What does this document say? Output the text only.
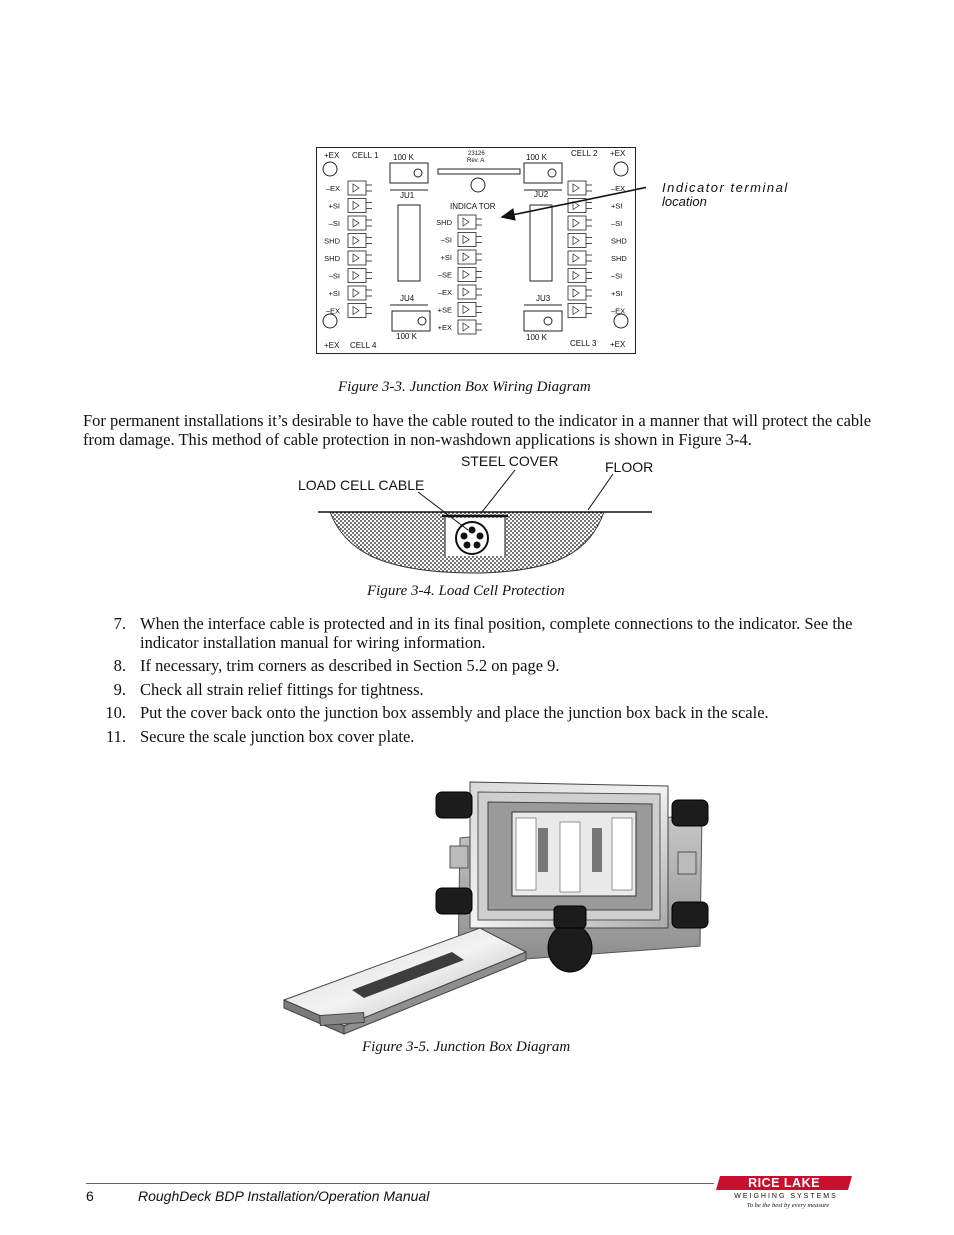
–EX
+SI
–SI
SHD
SHD
–SI
+SI
–EX
–EX
+SI
–SI
SHD
SHD
–SI
+SI
–EX
SHD
–SI
+SI
–SE
–EX
+SE
+EX
+EX CELL 1 100 K	23126
Rev. A	100 K	CELL 2 +EX
JU1	JU2
INDICA TOR
JU4	JU3
100 K	100 K
+EX CELL 4	CELL 3 +EX
Indicator terminal
location
Figure 3-3. Junction Box Wiring Diagram
For permanent installations it’s desirable to have the cable routed to the indicator in a manner that will protect the cable from damage. This method of cable protection in non-washdown applications is shown in Figure 3-4.
LOAD CELL CABLE
STEEL COVER	FLOOR
Figure 3-4. Load Cell Protection
7. When the interface cable is protected and in its final position, complete connections to the indicator. See the indicator installation manual for wiring information.
8. If necessary, trim corners as described in Section 5.2 on page 9.
9. Check all strain relief fittings for tightness.
10. Put the cover back onto the junction box assembly and place the junction box back in the scale.
11. Secure the scale junction box cover plate.
Figure 3-5. Junction Box Diagram
6	RoughDeck BDP Installation/Operation Manual
RICE LAKE
WEIGHING SYSTEMS
To be the best by every measure
